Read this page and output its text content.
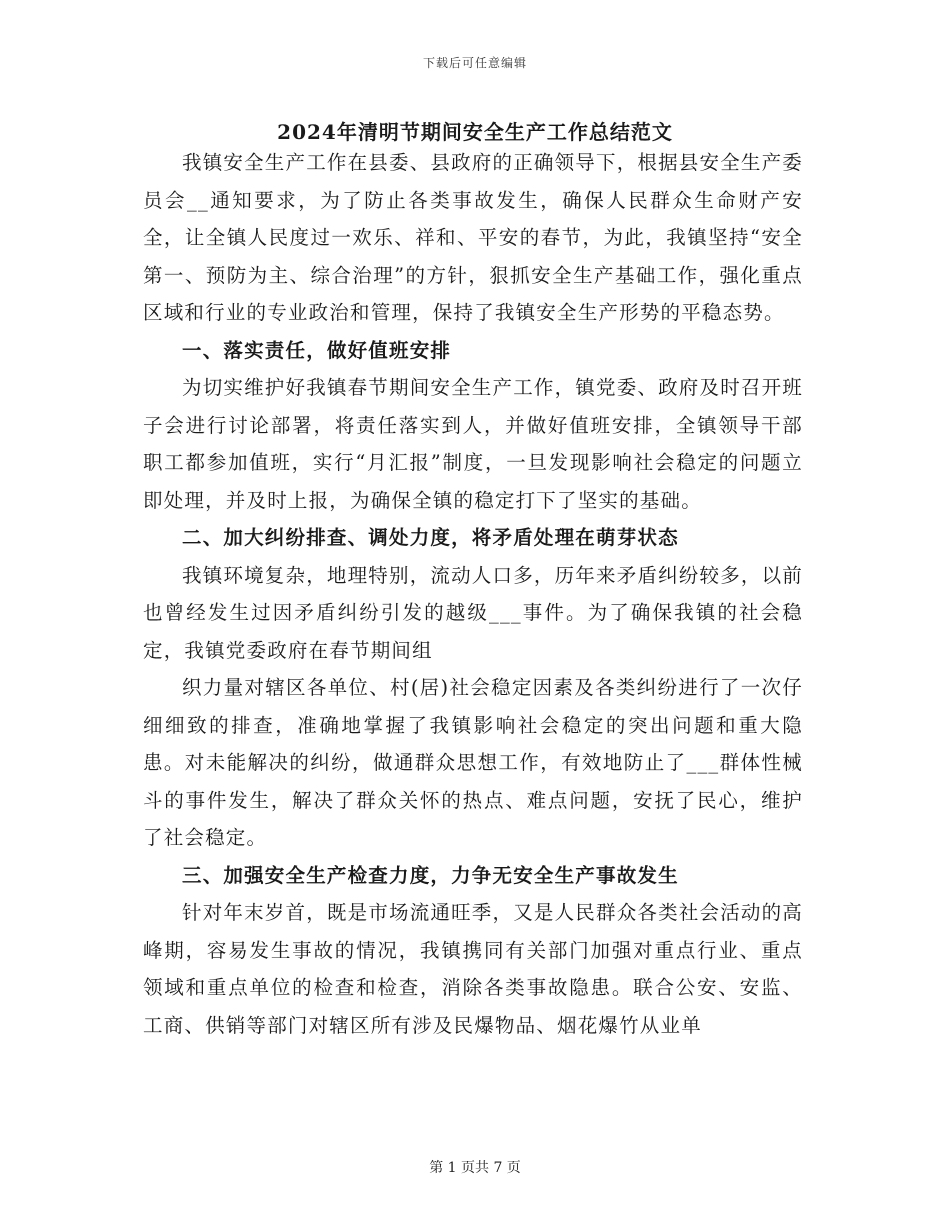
下载后可任意编辑
2024年清明节期间安全生产工作总结范文

我镇安全生产工作在县委、县政府的正确领导下，根据县安全生产委员会__通知要求，为了防止各类事故发生，确保人民群众生命财产安全，让全镇人民度过一欢乐、祥和、平安的春节，为此，我镇坚持“安全第一、预防为主、综合治理”的方针，狠抓安全生产基础工作，强化重点区域和行业的专业政治和管理，保持了我镇安全生产形势的平稳态势。

一、落实责任，做好值班安排

为切实维护好我镇春节期间安全生产工作，镇党委、政府及时召开班子会进行讨论部署，将责任落实到人，并做好值班安排，全镇领导干部职工都参加值班，实行“月汇报”制度，一旦发现影响社会稳定的问题立即处理，并及时上报，为确保全镇的稳定打下了坚实的基础。

二、加大纠纷排查、调处力度，将矛盾处理在萌芽状态

我镇环境复杂，地理特别，流动人口多，历年来矛盾纠纷较多，以前也曾经发生过因矛盾纠纷引发的越级___事件。为了确保我镇的社会稳定，我镇党委政府在春节期间组

织力量对辖区各单位、村(居)社会稳定因素及各类纠纷进行了一次仔细细致的排查，准确地掌握了我镇影响社会稳定的突出问题和重大隐患。对未能解决的纠纷，做通群众思想工作，有效地防止了___群体性械斗的事件发生，解决了群众关怀的热点、难点问题，安抚了民心，维护了社会稳定。

三、加强安全生产检查力度，力争无安全生产事故发生

针对年末岁首，既是市场流通旺季，又是人民群众各类社会活动的高峰期，容易发生事故的情况，我镇携同有关部门加强对重点行业、重点领域和重点单位的检查和检查，消除各类事故隐患。联合公安、安监、工商、供销等部门对辖区所有涉及民爆物品、烟花爆竹从业单

第 1 页共 7 页
